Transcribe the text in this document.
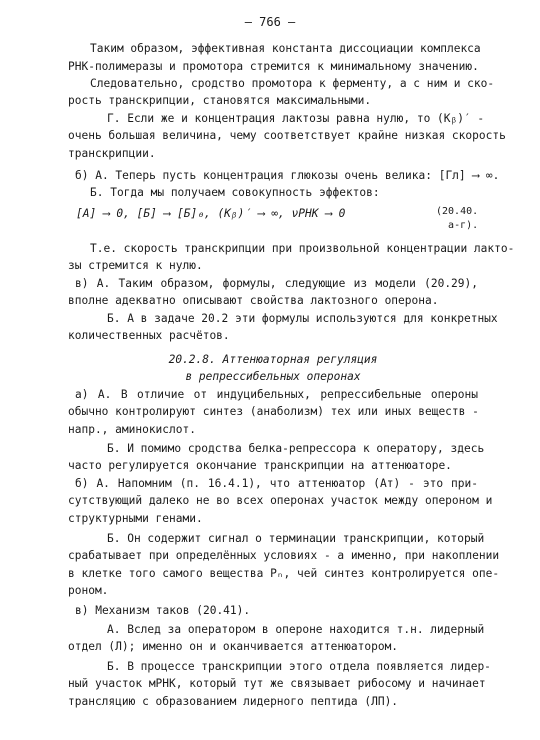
– 766 –
Таким образом, эффективная константа диссоциации комплекса
РНК-полимеразы и промотора стремится к минимальному значению.
Следовательно, сродство промотора к ферменту, а с ним и ско-
рость транскрипции, становятся максимальными.
Г. Если же и концентрация лактозы равна нулю, то (Kᵦ)′ -
очень большая величина, чему соответствует крайне низкая скорость
транскрипции.
б) А. Теперь пусть концентрация глюкозы очень велика: [Гл] ⟶ ∞.
Б. Тогда мы получаем совокупность эффектов:
[A] ⟶ 0, [Б] ⟶ [Б]₀, (Kᵦ)′ ⟶ ∞, νРНК ⟶ 0	(20.40.
а-г).
Т.е. скорость транскрипции при произвольной концентрации лакто-
зы стремится к нулю.
в) А. Таким образом, формулы, следующие из модели (20.29),
вполне адекватно описывают свойства лактозного оперона.
Б. А в задаче 20.2 эти формулы используются для конкретных
количественных расчётов.
20.2.8. Аттенюаторная регуляция
в репрессибельных оперонах
а) А. В отличие от индуцибельных, репрессибельные опероны
обычно контролируют синтез (анаболизм) тех или иных веществ -
напр., аминокислот.
Б. И помимо сродства белка-репрессора к оператору, здесь
часто регулируется окончание транскрипции на аттенюаторе.
б) А. Напомним (п. 16.4.1), что аттенюатор (Ат) - это при-
сутствующий далеко не во всех оперонах участок между опероном и
структурными генами.
Б. Он содержит сигнал о терминации транскрипции, который
срабатывает при определённых условиях - а именно, при накоплении
в клетке того самого вещества Pₙ, чей синтез контролируется опе-
роном.
в) Механизм таков (20.41).
А. Вслед за оператором в опероне находится т.н. лидерный
отдел (Л); именно он и оканчивается аттенюатором.
Б. В процессе транскрипции этого отдела появляется лидер-
ный участок мРНК, который тут же связывает рибосому и начинает
трансляцию с образованием лидерного пептида (ЛП).
